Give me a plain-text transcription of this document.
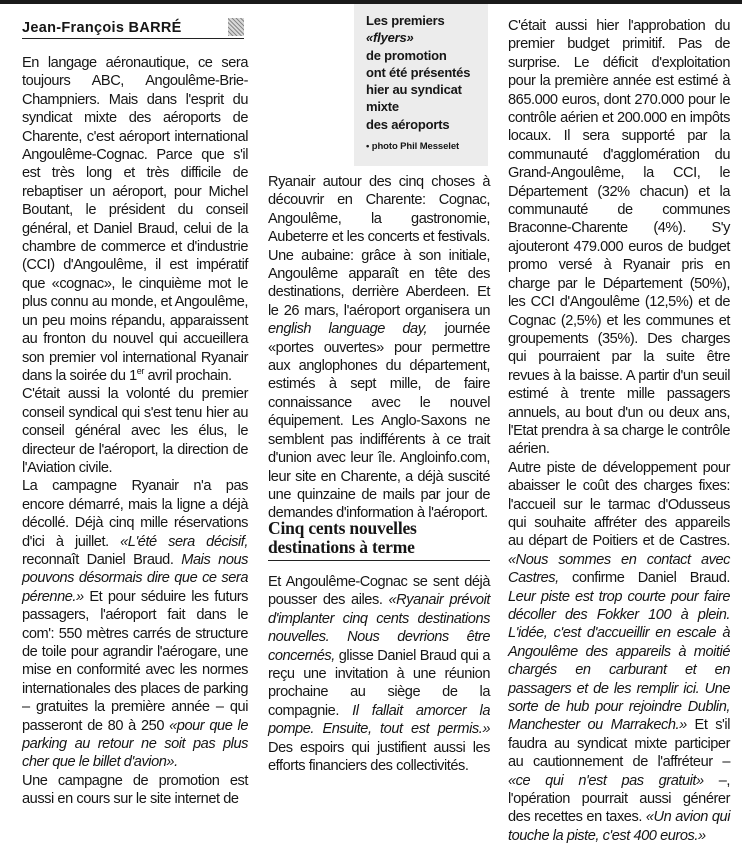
Jean-François BARRÉ	Les premiers
«flyers»
de promotion
ont été présentés
hier au syndicat
mixte
des aéroports
• photo Phil Messelet

En langage aéronautique, ce sera toujours ABC, Angoulême-Brie-Champniers. Mais dans l'esprit du syndicat mixte des aéroports de Charente, c'est aéroport international Angoulême-Cognac. Parce que s'il est très long et très difficile de rebaptiser un aéroport, pour Michel Boutant, le président du conseil général, et Daniel Braud, celui de la chambre de commerce et d'industrie (CCI) d'Angoulême, il est impératif que «cognac», le cinquième mot le plus connu au monde, et Angoulême, un peu moins répandu, apparaissent au fronton du nouvel qui accueillera son premier vol international Ryanair dans la soirée du 1er avril prochain.

C'était aussi la volonté du premier conseil syndical qui s'est tenu hier au conseil général avec les élus, le directeur de l'aéroport, la direction de l'Aviation civile.

La campagne Ryanair n'a pas encore démarré, mais la ligne a déjà décollé. Déjà cinq mille réservations d'ici à juillet. «L'été sera décisif, reconnaît Daniel Braud. Mais nous pouvons désormais dire que ce sera pérenne.» Et pour séduire les futurs passagers, l'aéroport fait dans le com': 550 mètres carrés de structure de toile pour agrandir l'aérogare, une mise en conformité avec les normes internationales des places de parking – gratuites la première année – qui passeront de 80 à 250 «pour que le parking au retour ne soit pas plus cher que le billet d'avion».

Une campagne de promotion est aussi en cours sur le site internet de

Ryanair autour des cinq choses à découvrir en Charente: Cognac, Angoulême, la gastronomie, Aubeterre et les concerts et festivals. Une aubaine: grâce à son initiale, Angoulême apparaît en tête des destinations, derrière Aberdeen. Et le 26 mars, l'aéroport organisera un english language day, journée «portes ouvertes» pour permettre aux anglophones du département, estimés à sept mille, de faire connaissance avec le nouvel équipement. Les Anglo-Saxons ne semblent pas indifférents à ce trait d'union avec leur île. Angloinfo.com, leur site en Charente, a déjà suscité une quinzaine de mails par jour de demandes d'information à l'aéroport.

Cinq cents nouvelles destinations à terme

Et Angoulême-Cognac se sent déjà pousser des ailes. «Ryanair prévoit d'implanter cinq cents destinations nouvelles. Nous devrions être concernés, glisse Daniel Braud qui a reçu une invitation à une réunion prochaine au siège de la compagnie. Il fallait amorcer la pompe. Ensuite, tout est permis.» Des espoirs qui justifient aussi les efforts financiers des collectivités.

C'était aussi hier l'approbation du premier budget primitif. Pas de surprise. Le déficit d'exploitation pour la première année est estimé à 865.000 euros, dont 270.000 pour le contrôle aérien et 200.000 en impôts locaux. Il sera supporté par la communauté d'agglomération du Grand-Angoulême, la CCI, le Département (32% chacun) et la communauté de communes Braconne-Charente (4%). S'y ajouteront 479.000 euros de budget promo versé à Ryanair pris en charge par le Département (50%), les CCI d'Angoulême (12,5%) et de Cognac (2,5%) et les communes et groupements (35%). Des charges qui pourraient par la suite être revues à la baisse. A partir d'un seuil estimé à trente mille passagers annuels, au bout d'un ou deux ans, l'Etat prendra à sa charge le contrôle aérien.

Autre piste de développement pour abaisser le coût des charges fixes: l'accueil sur le tarmac d'Odusseus qui souhaite affréter des appareils au départ de Poitiers et de Castres. «Nous sommes en contact avec Castres, confirme Daniel Braud. Leur piste est trop courte pour faire décoller des Fokker 100 à plein. L'idée, c'est d'accueillir en escale à Angoulême des appareils à moitié chargés en carburant et en passagers et de les remplir ici. Une sorte de hub pour rejoindre Dublin, Manchester ou Marrakech.» Et s'il faudra au syndicat mixte participer au cautionnement de l'affréteur – «ce qui n'est pas gratuit» –, l'opération pourrait aussi générer des recettes en taxes. «Un avion qui touche la piste, c'est 400 euros.»
